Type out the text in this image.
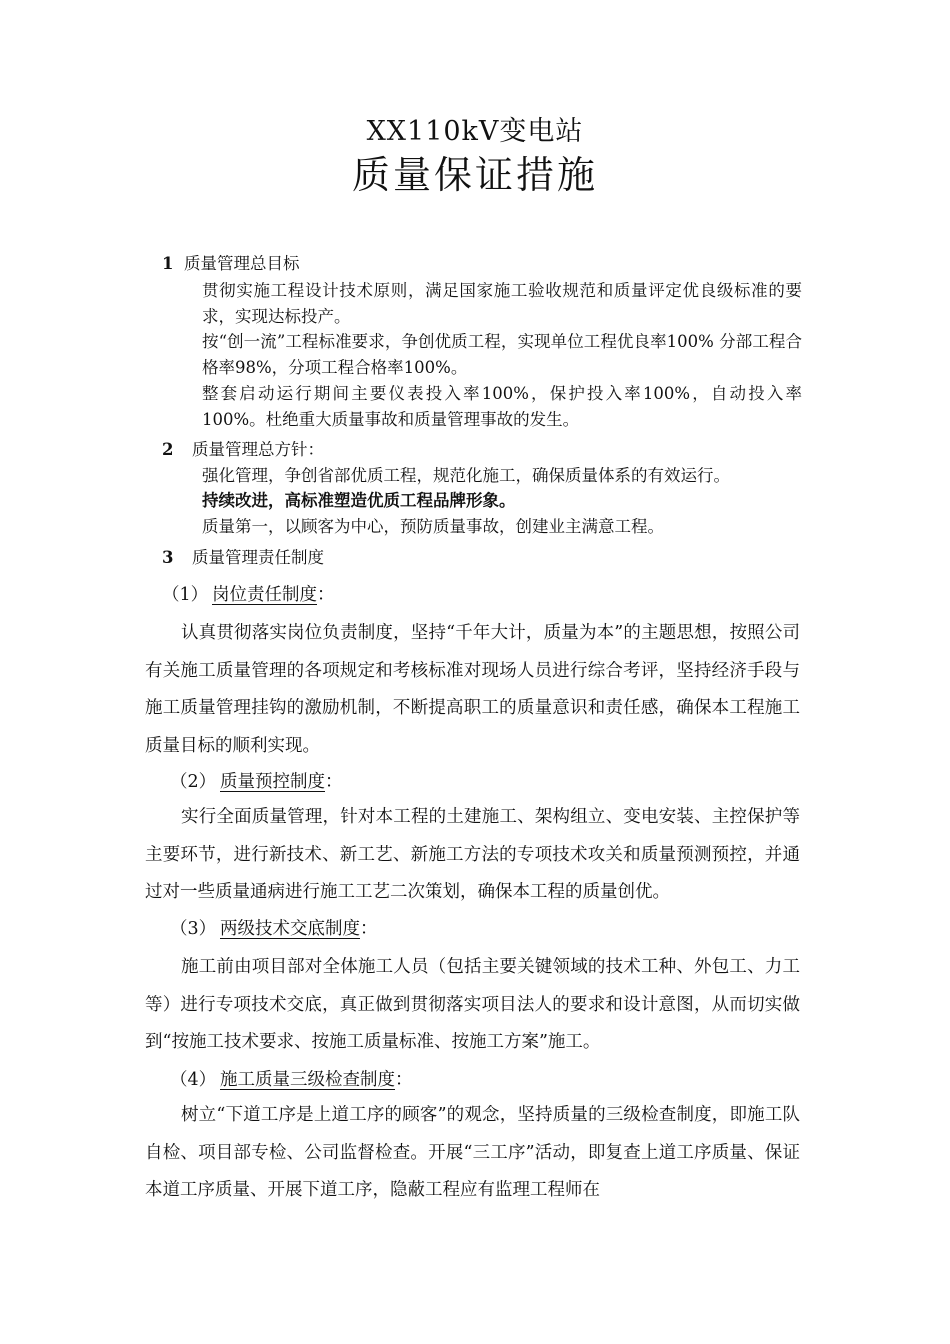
XX110kV变电站
质量保证措施
1 质量管理总目标
贯彻实施工程设计技术原则，满足国家施工验收规范和质量评定优良级标准的要求，实现达标投产。
按“创一流”工程标准要求，争创优质工程，实现单位工程优良率100% 分部工程合格率98%，分项工程合格率100%。
整套启动运行期间主要仪表投入率100%，保护投入率100%，自动投入率100%。杜绝重大质量事故和质量管理事故的发生。
2 质量管理总方针：
强化管理，争创省部优质工程，规范化施工，确保质量体系的有效运行。
持续改进，高标准塑造优质工程品牌形象。
质量第一，以顾客为中心，预防质量事故，创建业主满意工程。
3 质量管理责任制度
（1） 岗位责任制度：
认真贯彻落实岗位负责制度，坚持“千年大计，质量为本”的主题思想，按照公司有关施工质量管理的各项规定和考核标准对现场人员进行综合考评，坚持经济手段与施工质量管理挂钩的激励机制，不断提高职工的质量意识和责任感，确保本工程施工质量目标的顺利实现。
（2） 质量预控制度：
实行全面质量管理，针对本工程的土建施工、架构组立、变电安装、主控保护等主要环节，进行新技术、新工艺、新施工方法的专项技术攻关和质量预测预控，并通过对一些质量通病进行施工工艺二次策划，确保本工程的质量创优。
（3） 两级技术交底制度：
施工前由项目部对全体施工人员（包括主要关键领域的技术工种、外包工、力工等）进行专项技术交底，真正做到贯彻落实项目法人的要求和设计意图，从而切实做到“按施工技术要求、按施工质量标准、按施工方案”施工。
（4） 施工质量三级检查制度：
树立“下道工序是上道工序的顾客”的观念，坚持质量的三级检查制度，即施工队自检、项目部专检、公司监督检查。开展“三工序”活动，即复查上道工序质量、保证本道工序质量、开展下道工序，隐蔽工程应有监理工程师在
